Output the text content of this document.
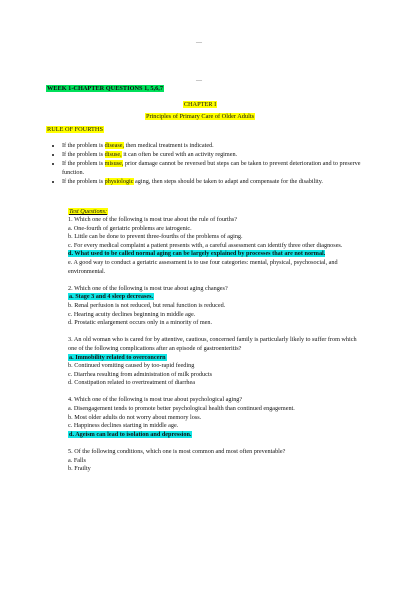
—
—
WEEK 1-CHAPTER QUESTIONS 1, 5,6,7
CHAPTER I
Principles of Primary Care of Older Adults
RULE OF FOURTHS
• If the problem is disease, then medical treatment is indicated.
• If the problem is disuse, it can often be cured with an activity regimen.
• If the problem is misuse, prior damage cannot be reversed but steps can be taken to prevent deterioration and to preserve function.
• If the problem is physiologic aging, then steps should be taken to adapt and compensate for the disability.
Test Questions:

1. Which one of the following is most true about the rule of fourths?

a. One-fourth of geriatric problems are iatrogenic.

b. Little can be done to prevent three-fourths of the problems of aging.

c. For every medical complaint a patient presents with, a careful assessment can identify three other diagnoses.

d. What used to be called normal aging can be largely explained by processes that are not normal.

e. A good way to conduct a geriatric assessment is to use four categories: mental, physical, psychosocial, and environmental.

2. Which one of the following is most true about aging changes?

a. Stage 3 and 4 sleep decreases.

b. Renal perfusion is not reduced, but renal function is reduced.

c. Hearing acuity declines beginning in middle age.

d. Prostatic enlargement occurs only in a minority of men.

3. An old woman who is cared for by attentive, cautious, concerned family is particularly likely to suffer from which one of the following complications after an episode of gastroenteritis?

a. Immobility related to overconcern

b. Continued vomiting caused by too-rapid feeding

c. Diarrhea resulting from administration of milk products

d. Constipation related to overtreatment of diarrhea

4. Which one of the following is most true about psychological aging?

a. Disengagement tends to promote better psychological health than continued engagement.

b. Most older adults do not worry about memory loss.

c. Happiness declines starting in middle age.

d. Ageism can lead to isolation and depression.

5. Of the following conditions, which one is most common and most often preventable?

a. Falls

b. Frailty
